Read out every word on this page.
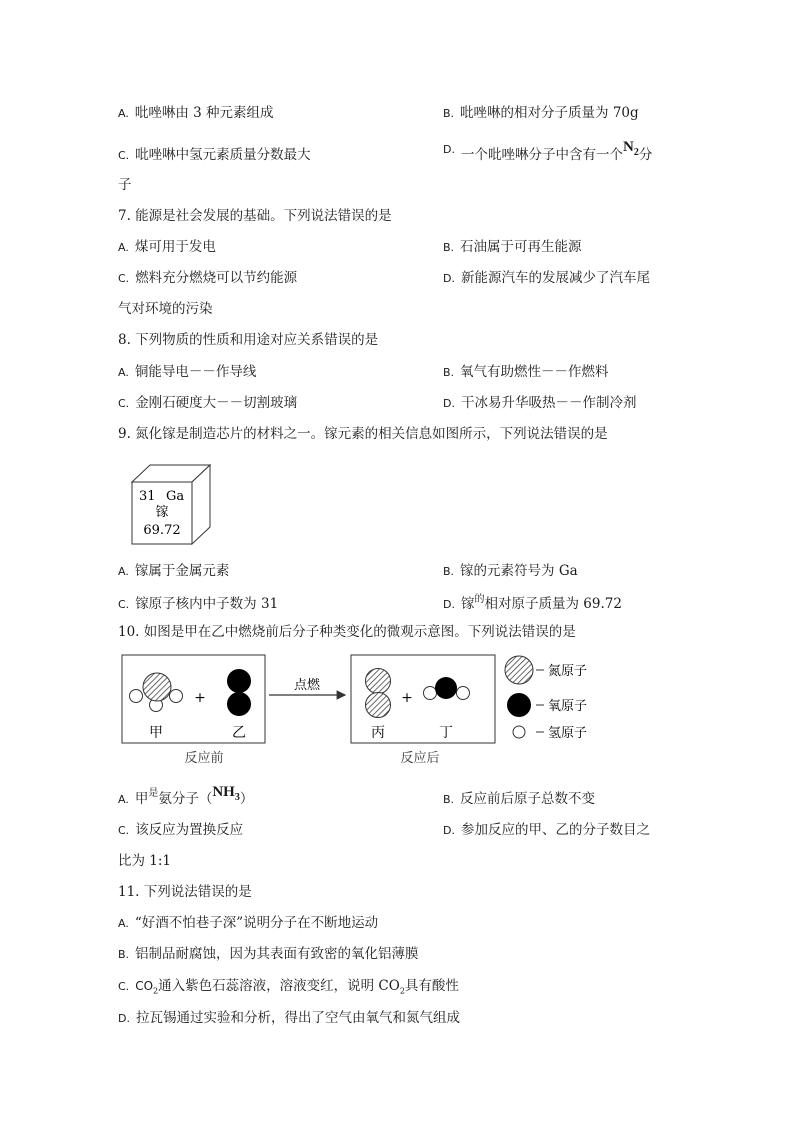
A. 吡唑啉由 3 种元素组成	B. 吡唑啉的相对分子质量为 70g
C. 吡唑啉中氢元素质量分数最大	D. 一个吡唑啉分子中含有一个$N_2$分
子
7. 能源是社会发展的基础。下列说法错误的是
A. 煤可用于发电	B. 石油属于可再生能源
C. 燃料充分燃烧可以节约能源	D. 新能源汽车的发展减少了汽车尾
气对环境的污染
8. 下列物质的性质和用途对应关系错误的是
A. 铜能导电－－作导线	B. 氧气有助燃性－－作燃料
C. 金刚石硬度大－－切割玻璃	D. 干冰易升华吸热－－作制冷剂
9. 氮化镓是制造芯片的材料之一。镓元素的相关信息如图所示，下列说法错误的是
31 Ga
镓
69.72
A. 镓属于金属元素	B. 镓的元素符号为 Ga
C. 镓原子核内中子数为 31	D. 镓$^的$相对原子质量为 69.72
10. 如图是甲在乙中燃烧前后分子种类变化的微观示意图。下列说法错误的是
+
甲	乙
反应前
点燃
+
丙	丁
反应后
氮原子
氧原子
氢原子
$_{A.}$ 甲是氨分子$(NH_3)$	B. 反应前后原子总数不变
C. 该反应为置换反应	D. 参加反应的甲、乙的分子数目之
比为 1:1
11. 下列说法错误的是
A. “好酒不怕巷子深”说明分子在不断地运动
B. 铝制品耐腐蚀，因为其表面有致密的氧化铝薄膜
C. $CO_2$通入紫色石蕊溶液，溶液变红，说明 $CO_2$具有酸性
D. 拉瓦锡通过实验和分析，得出了空气由氧气和氮气组成
